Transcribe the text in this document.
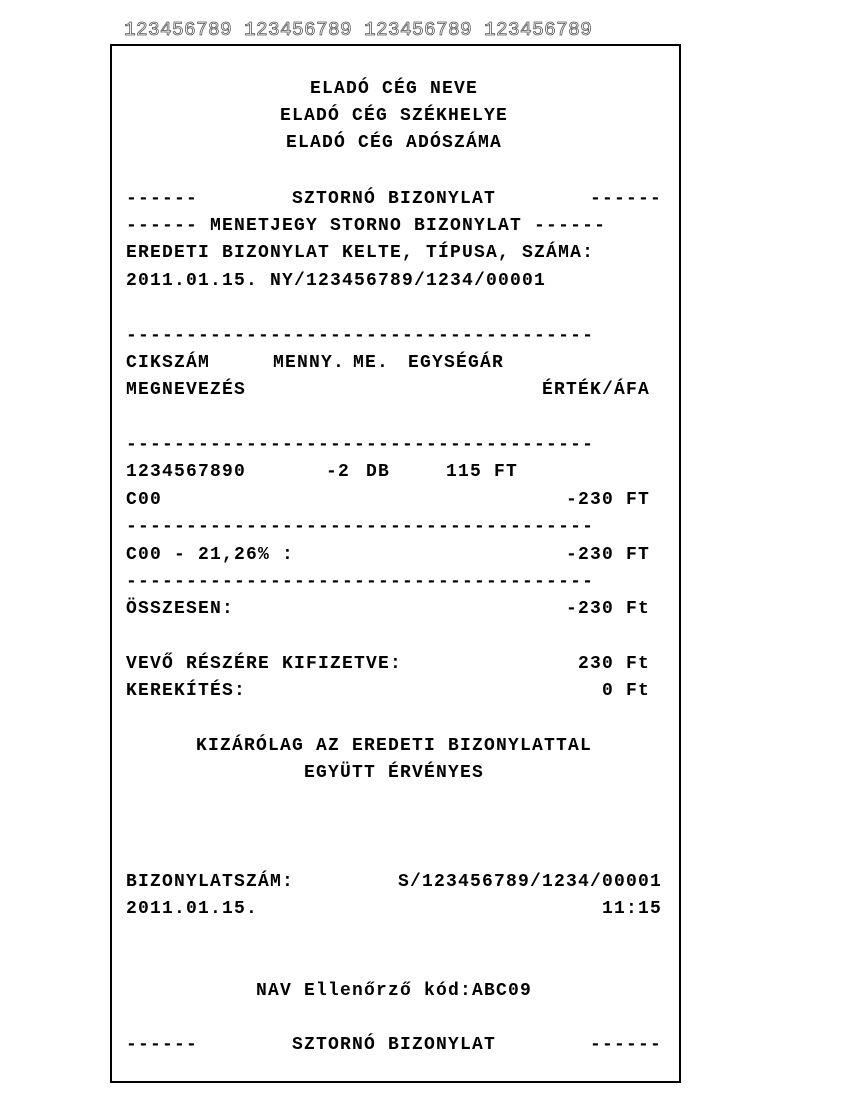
123456789 123456789 123456789 123456789
ELADÓ CÉG NEVE
ELADÓ CÉG SZÉKHELYE
ELADÓ CÉG ADÓSZÁMA
------	SZTORNÓ BIZONYLAT	------
------ MENETJEGY STORNO BIZONYLAT ------
EREDETI BIZONYLAT KELTE, TÍPUSA, SZÁMA:
2011.01.15. NY/123456789/1234/00001
---------------------------------------
CIKSZÁM	MENNY. ME.	EGYSÉGÁR
MEGNEVEZÉS	ÉRTÉK/ÁFA
---------------------------------------
1234567890	-2 DB	115 FT
C00	-230 FT
---------------------------------------
C00 - 21,26% :	-230 FT
---------------------------------------
ÖSSZESEN:	-230 Ft
VEVŐ RÉSZÉRE KIFIZETVE:	230 Ft
KEREKÍTÉS:	0 Ft
KIZÁRÓLAG AZ EREDETI BIZONYLATTAL
EGYÜTT ÉRVÉNYES
BIZONYLATSZÁM:	S/123456789/1234/00001
2011.01.15.	11:15
NAV Ellenőrző kód:ABC09
------	SZTORNÓ BIZONYLAT	------
